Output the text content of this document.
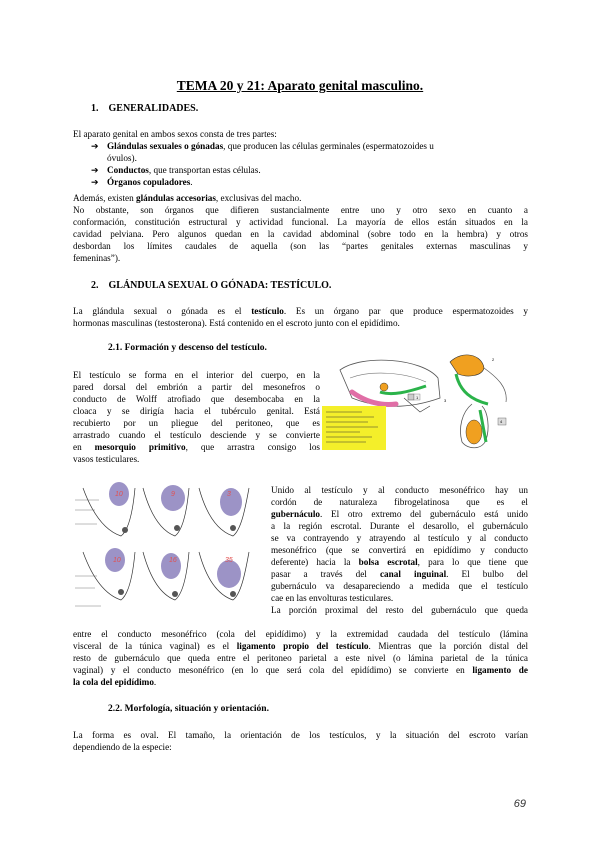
TEMA 20 y 21: Aparato genital masculino.
1. GENERALIDADES.
El aparato genital en ambos sexos consta de tres partes:
➔ Glándulas sexuales o gónadas, que producen las células germinales (espermatozoides u
óvulos).
➔ Conductos, que transportan estas células.
➔ Órganos copuladores.
Además, existen glándulas accesorias, exclusivas del macho.
No obstante, son órganos que difieren sustancialmente entre uno y otro sexo en cuanto a
conformación, constitución estructural y actividad funcional. La mayoría de ellos están situados en la
cavidad pelviana. Pero algunos quedan en la cavidad abdominal (sobre todo en la hembra) y otros
desbordan los límites caudales de aquella (son las “partes genitales externas masculinas y
femeninas”).
2. GLÁNDULA SEXUAL O GÓNADA: TESTÍCULO.
La glándula sexual o gónada es el testículo. Es un órgano par que produce espermatozoides y
hormonas masculinas (testosterona). Está contenido en el escroto junto con el epidídimo.
2.1. Formación y descenso del testículo.
El testículo se forma en el interior del cuerpo, en la
pared dorsal del embrión a partir del mesonefros o
conducto de Wolff atrofiado que desembocaba en la
cloaca y se dirigía hacia el tubérculo genital. Está
recubierto por un pliegue del peritoneo, que es
arrastrado cuando el testículo desciende y se convierte
en mesorquio primitivo, que arrastra consigo los
vasos testiculares.
1
2
3
4
10	9	3
10	16	35
Unido al testículo y al conducto mesonéfrico hay un
cordón de naturaleza fibrogelatinosa que es el
gubernáculo. El otro extremo del gubernáculo está unido
a la región escrotal. Durante el desarollo, el gubernáculo
se va contrayendo y atrayendo al testículo y al conducto
mesonéfrico (que se convertirá en epidídimo y conducto
deferente) hacia la bolsa escrotal, para lo que tiene que
pasar a través del canal inguinal. El bulbo del
gubernáculo va desapareciendo a medida que el testículo
cae en las envolturas testiculares.
La porción proximal del resto del gubernáculo que queda
entre el conducto mesonéfrico (cola del epidídimo) y la extremidad caudada del testículo (lámina
visceral de la túnica vaginal) es el ligamento propio del testículo. Mientras que la porción distal del
resto de gubernáculo que queda entre el peritoneo parietal a este nivel (o lámina parietal de la túnica
vaginal) y el conducto mesonéfrico (en lo que será cola del epidídimo) se convierte en ligamento de
la cola del epidídimo.
2.2. Morfología, situación y orientación.
La forma es oval. El tamaño, la orientación de los testículos, y la situación del escroto varían
dependiendo de la especie:
69
